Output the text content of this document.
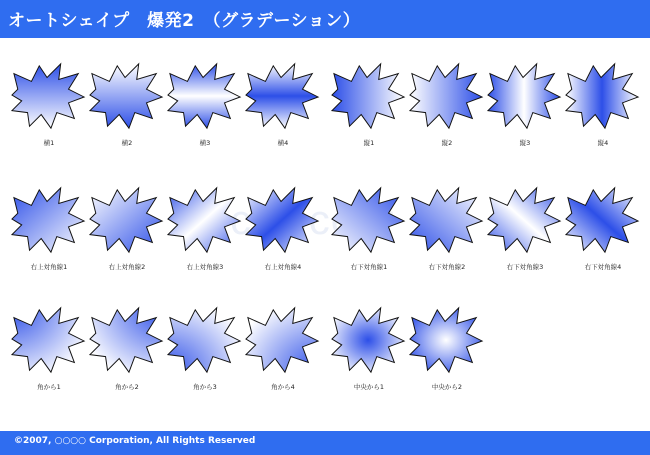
オートシェイプ　爆発2　（グラデーション）
横1	横2	横3	横4	縦1	縦2	縦3	縦4
右上対角線1	右上対角線2	右上対角線3	右上対角線4	右下対角線1	右下対角線2	右下対角線3	右下対角線4
角から1	角から2	角から3	角から4	中央から1	中央から2
©2007, ○○○○ Corporation, All Rights Reserved
